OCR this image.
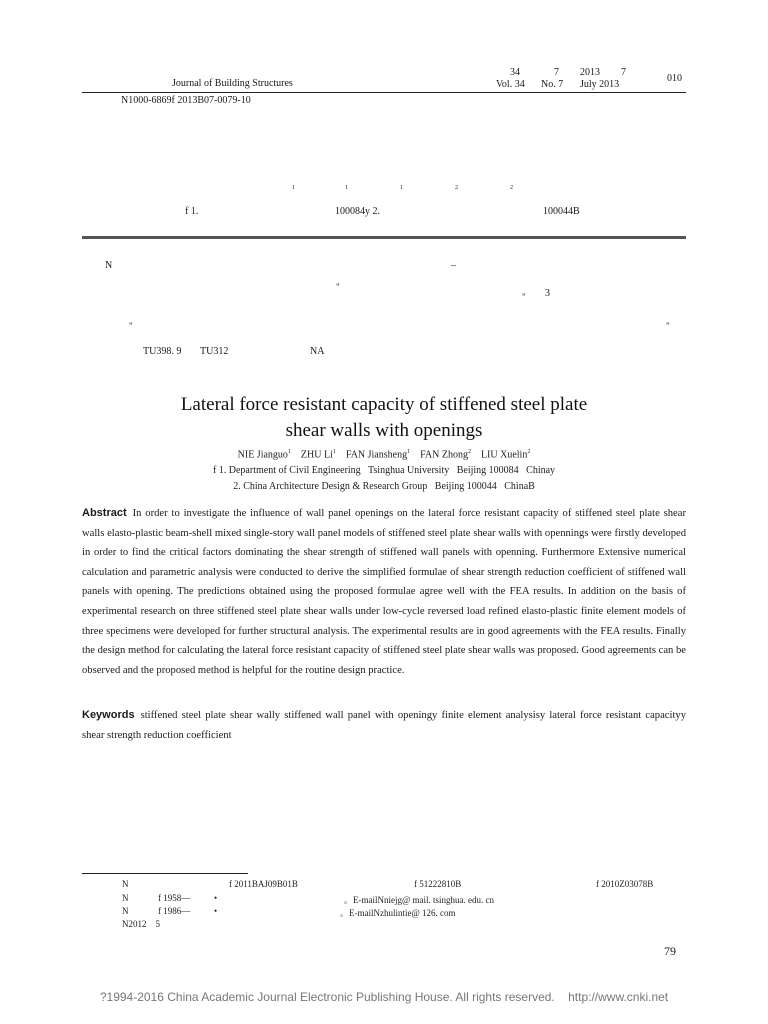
Journal of Building Structures
34	7 2013 7
Vol. 34 No. 7 July 2013
010
N1000-6869f 2013B07-0079-10
1	1	1	2	2
f 1.	100084y 2.	100044B
N	–
"
" 3
"	"
TU398. 9 TU312	NA
Lateral force resistant capacity of stiffened steel plate
shear walls with openings
NIE Jianguo$^1$ ZHU Li$^1$ FAN Jiansheng$^1$ FAN Zhong$^2$ LIU Xuelin$^2$
f 1. Department of Civil Engineering   Tsinghua University   Beijing 100084   Chinay
2. China Architecture Design & Research Group   Beijing 100044   ChinaB
Abstract In order to investigate the influence of wall panel openings on the lateral force resistant capacity of stiffened steel plate shear walls elasto-plastic beam-shell mixed single-story wall panel models of stiffened steel plate shear walls with opennings were firstly developed in order to find the critical factors dominating the shear strength of stiffened wall panels with openning. Furthermore Extensive numerical calculation and parametric analysis were conducted to derive the simplified formulae of shear strength reduction coefficient of stiffened wall panels with opening. The predictions obtained using the proposed formulae agree well with the FEA results. In addition on the basis of experimental research on three stiffened steel plate shear walls under low-cycle reversed load refined elasto-plastic finite element models of three specimens were developed for further structural analysis. The experimental results are in good agreements with the FEA results. Finally the design method for calculating the lateral force resistant capacity of stiffened steel plate shear walls was proposed. Good agreements can be observed and the proposed method is helpful for the routine design practice.
Keywords stiffened steel plate shear wally stiffened wall panel with openingy finite element analysisy lateral force resistant capacityy shear strength reduction coefficient
N	f 2011BAJ09B01B	f 51222810B	f 2010Z03078B
N	f 1958—	•	。E-mailNniejg@ mail. tsinghua. edu. cn
N	f 1986—	•	。E-mailNzhulintie@ 126. com
N2012    5
79
?1994-2016 China Academic Journal Electronic Publishing House. All rights reserved.    http://www.cnki.net
